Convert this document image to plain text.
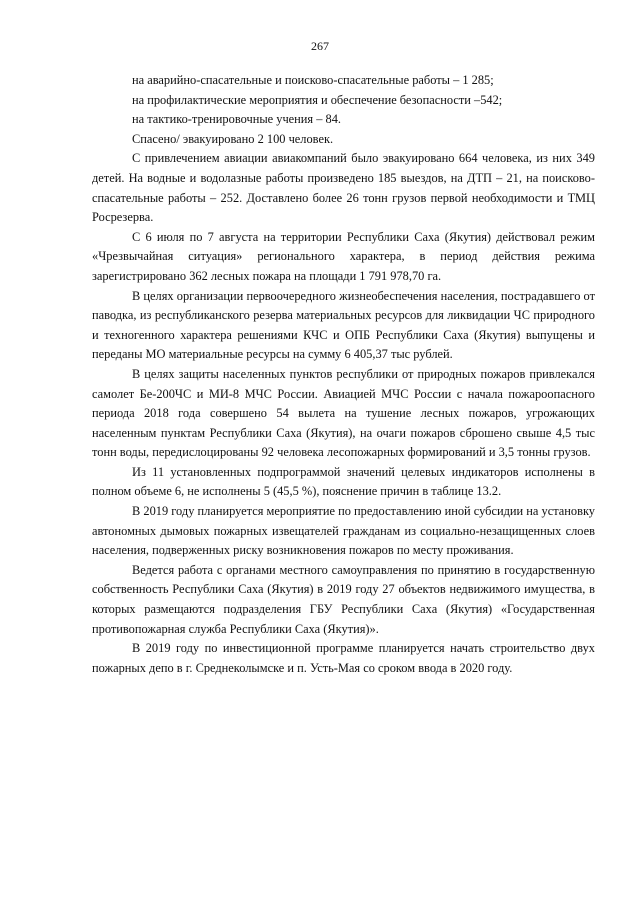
267

на аварийно-спасательные и поисково-спасательные работы – 1 285;

на профилактические мероприятия и обеспечение безопасности –542;

на тактико-тренировочные учения – 84.

Спасено/ эвакуировано 2 100 человек.

С привлечением авиации авиакомпаний было эвакуировано 664 человека, из них 349 детей. На водные и водолазные работы произведено 185 выездов, на ДТП – 21, на поисково-спасательные работы – 252. Доставлено более 26 тонн грузов первой необходимости и ТМЦ Росрезерва.

С 6 июля по 7 августа на территории Республики Саха (Якутия) действовал режим «Чрезвычайная ситуация» регионального характера, в период действия режима зарегистрировано 362 лесных пожара на площади 1 791 978,70 га.

В целях организации первоочередного жизнеобеспечения населения, пострадавшего от паводка, из республиканского резерва материальных ресурсов для ликвидации ЧС природного и техногенного характера решениями КЧС и ОПБ Республики Саха (Якутия) выпущены и переданы МО материальные ресурсы на сумму 6 405,37 тыс рублей.

В целях защиты населенных пунктов республики от природных пожаров привлекался самолет Бе-200ЧС и МИ-8 МЧС России. Авиацией МЧС России с начала пожароопасного периода 2018 года совершено 54 вылета на тушение лесных пожаров, угрожающих населенным пунктам Республики Саха (Якутия), на очаги пожаров сброшено свыше 4,5 тыс тонн воды, передислоцированы 92 человека лесопожарных формирований и 3,5 тонны грузов.

Из 11 установленных подпрограммой значений целевых индикаторов исполнены в полном объеме 6, не исполнены 5 (45,5 %), пояснение причин в таблице 13.2.

В 2019 году планируется мероприятие по предоставлению иной субсидии на установку автономных дымовых пожарных извещателей гражданам из социально-незащищенных слоев населения, подверженных риску возникновения пожаров по месту проживания.

Ведется работа с органами местного самоуправления по принятию в государственную собственность Республики Саха (Якутия) в 2019 году 27 объектов недвижимого имущества, в которых размещаются подразделения ГБУ Республики Саха (Якутия) «Государственная противопожарная служба Республики Саха (Якутия)».

В 2019 году по инвестиционной программе планируется начать строительство двух пожарных депо в г. Среднеколымске и п. Усть-Мая со сроком ввода в 2020 году.
